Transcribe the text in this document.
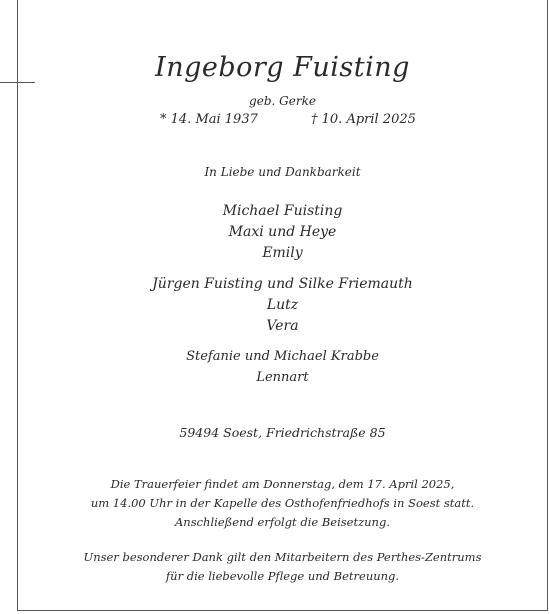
Ingeborg Fuisting
geb. Gerke
* 14. Mai 1937	† 10. April 2025
In Liebe und Dankbarkeit
Michael Fuisting
Maxi und Heye
Emily
Jürgen Fuisting und Silke Friemauth
Lutz
Vera
Stefanie und Michael Krabbe
Lennart
59494 Soest, Friedrichstraße 85
Die Trauerfeier findet am Donnerstag, dem 17. April 2025,
um 14.00 Uhr in der Kapelle des Osthofenfriedhofs in Soest statt.
Anschließend erfolgt die Beisetzung.
Unser besonderer Dank gilt den Mitarbeitern des Perthes-Zentrums
für die liebevolle Pflege und Betreuung.
